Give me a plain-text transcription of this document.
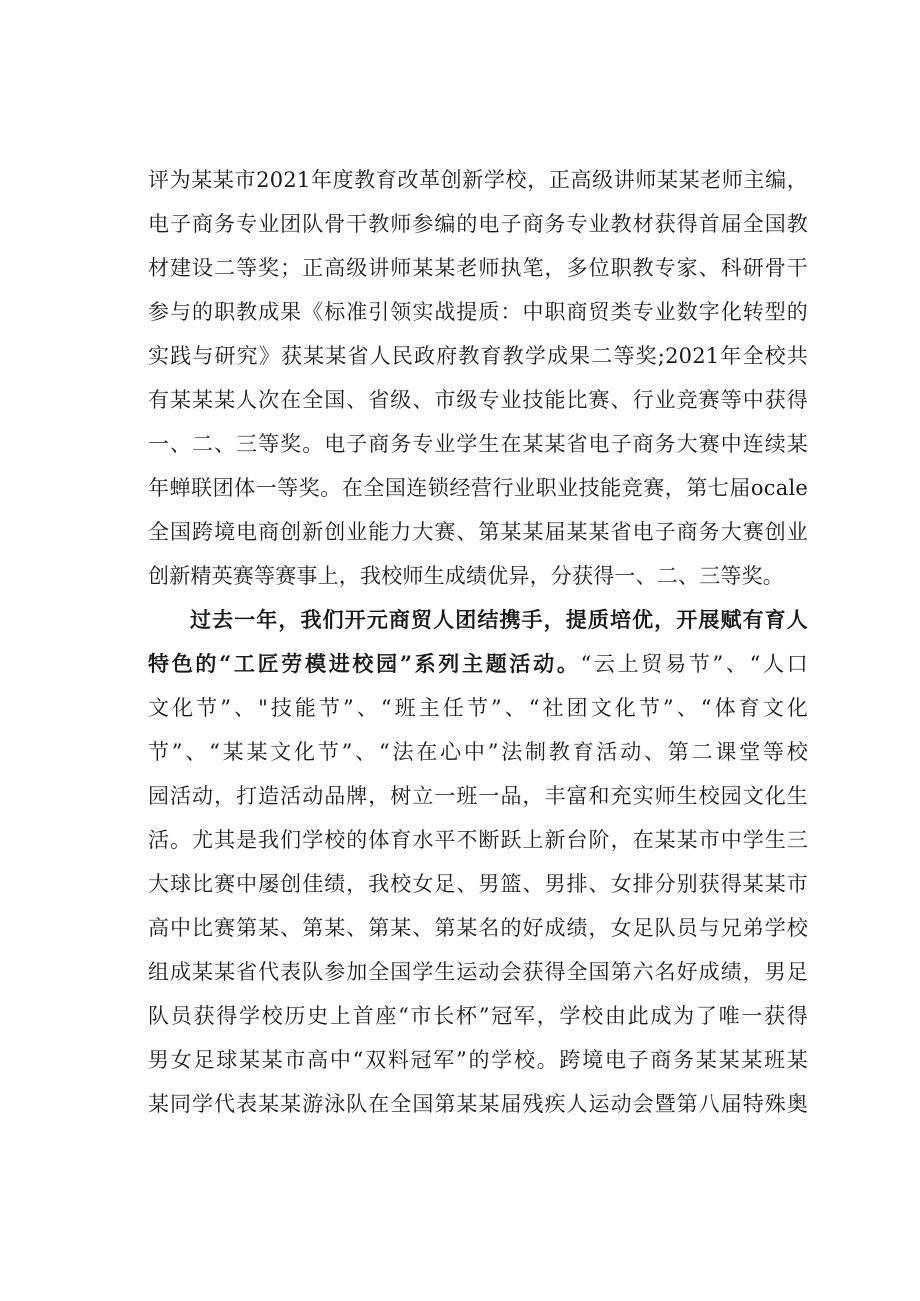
评为某某市2021年度教育改革创新学校，正高级讲师某某老师主编，
电子商务专业团队骨干教师参编的电子商务专业教材获得首届全国教
材建设二等奖；正高级讲师某某老师执笔，多位职教专家、科研骨干
参与的职教成果《标准引领实战提质：中职商贸类专业数字化转型的
实践与研究》获某某省人民政府教育教学成果二等奖;2021年全校共
有某某某人次在全国、省级、市级专业技能比赛、行业竞赛等中获得
一、二、三等奖。电子商务专业学生在某某省电子商务大赛中连续某
年蝉联团体一等奖。在全国连锁经营行业职业技能竞赛，第七届ocale
全国跨境电商创新创业能力大赛、第某某届某某省电子商务大赛创业
创新精英赛等赛事上，我校师生成绩优异，分获得一、二、三等奖。
过去一年，我们开元商贸人团结携手，提质培优，开展赋有育人
特色的“工匠劳模进校园”系列主题活动。“云上贸易节”、“人口
文化节”、"技能节”、“班主任节”、“社团文化节”、“体育文化
节”、“某某文化节”、“法在心中”法制教育活动、第二课堂等校
园活动，打造活动品牌，树立一班一品，丰富和充实师生校园文化生
活。尤其是我们学校的体育水平不断跃上新台阶，在某某市中学生三
大球比赛中屡创佳绩，我校女足、男篮、男排、女排分别获得某某市
高中比赛第某、第某、第某、第某名的好成绩，女足队员与兄弟学校
组成某某省代表队参加全国学生运动会获得全国第六名好成绩，男足
队员获得学校历史上首座“市长杯”冠军，学校由此成为了唯一获得
男女足球某某市高中“双料冠军”的学校。跨境电子商务某某某班某
某同学代表某某游泳队在全国第某某届残疾人运动会暨第八届特殊奥
